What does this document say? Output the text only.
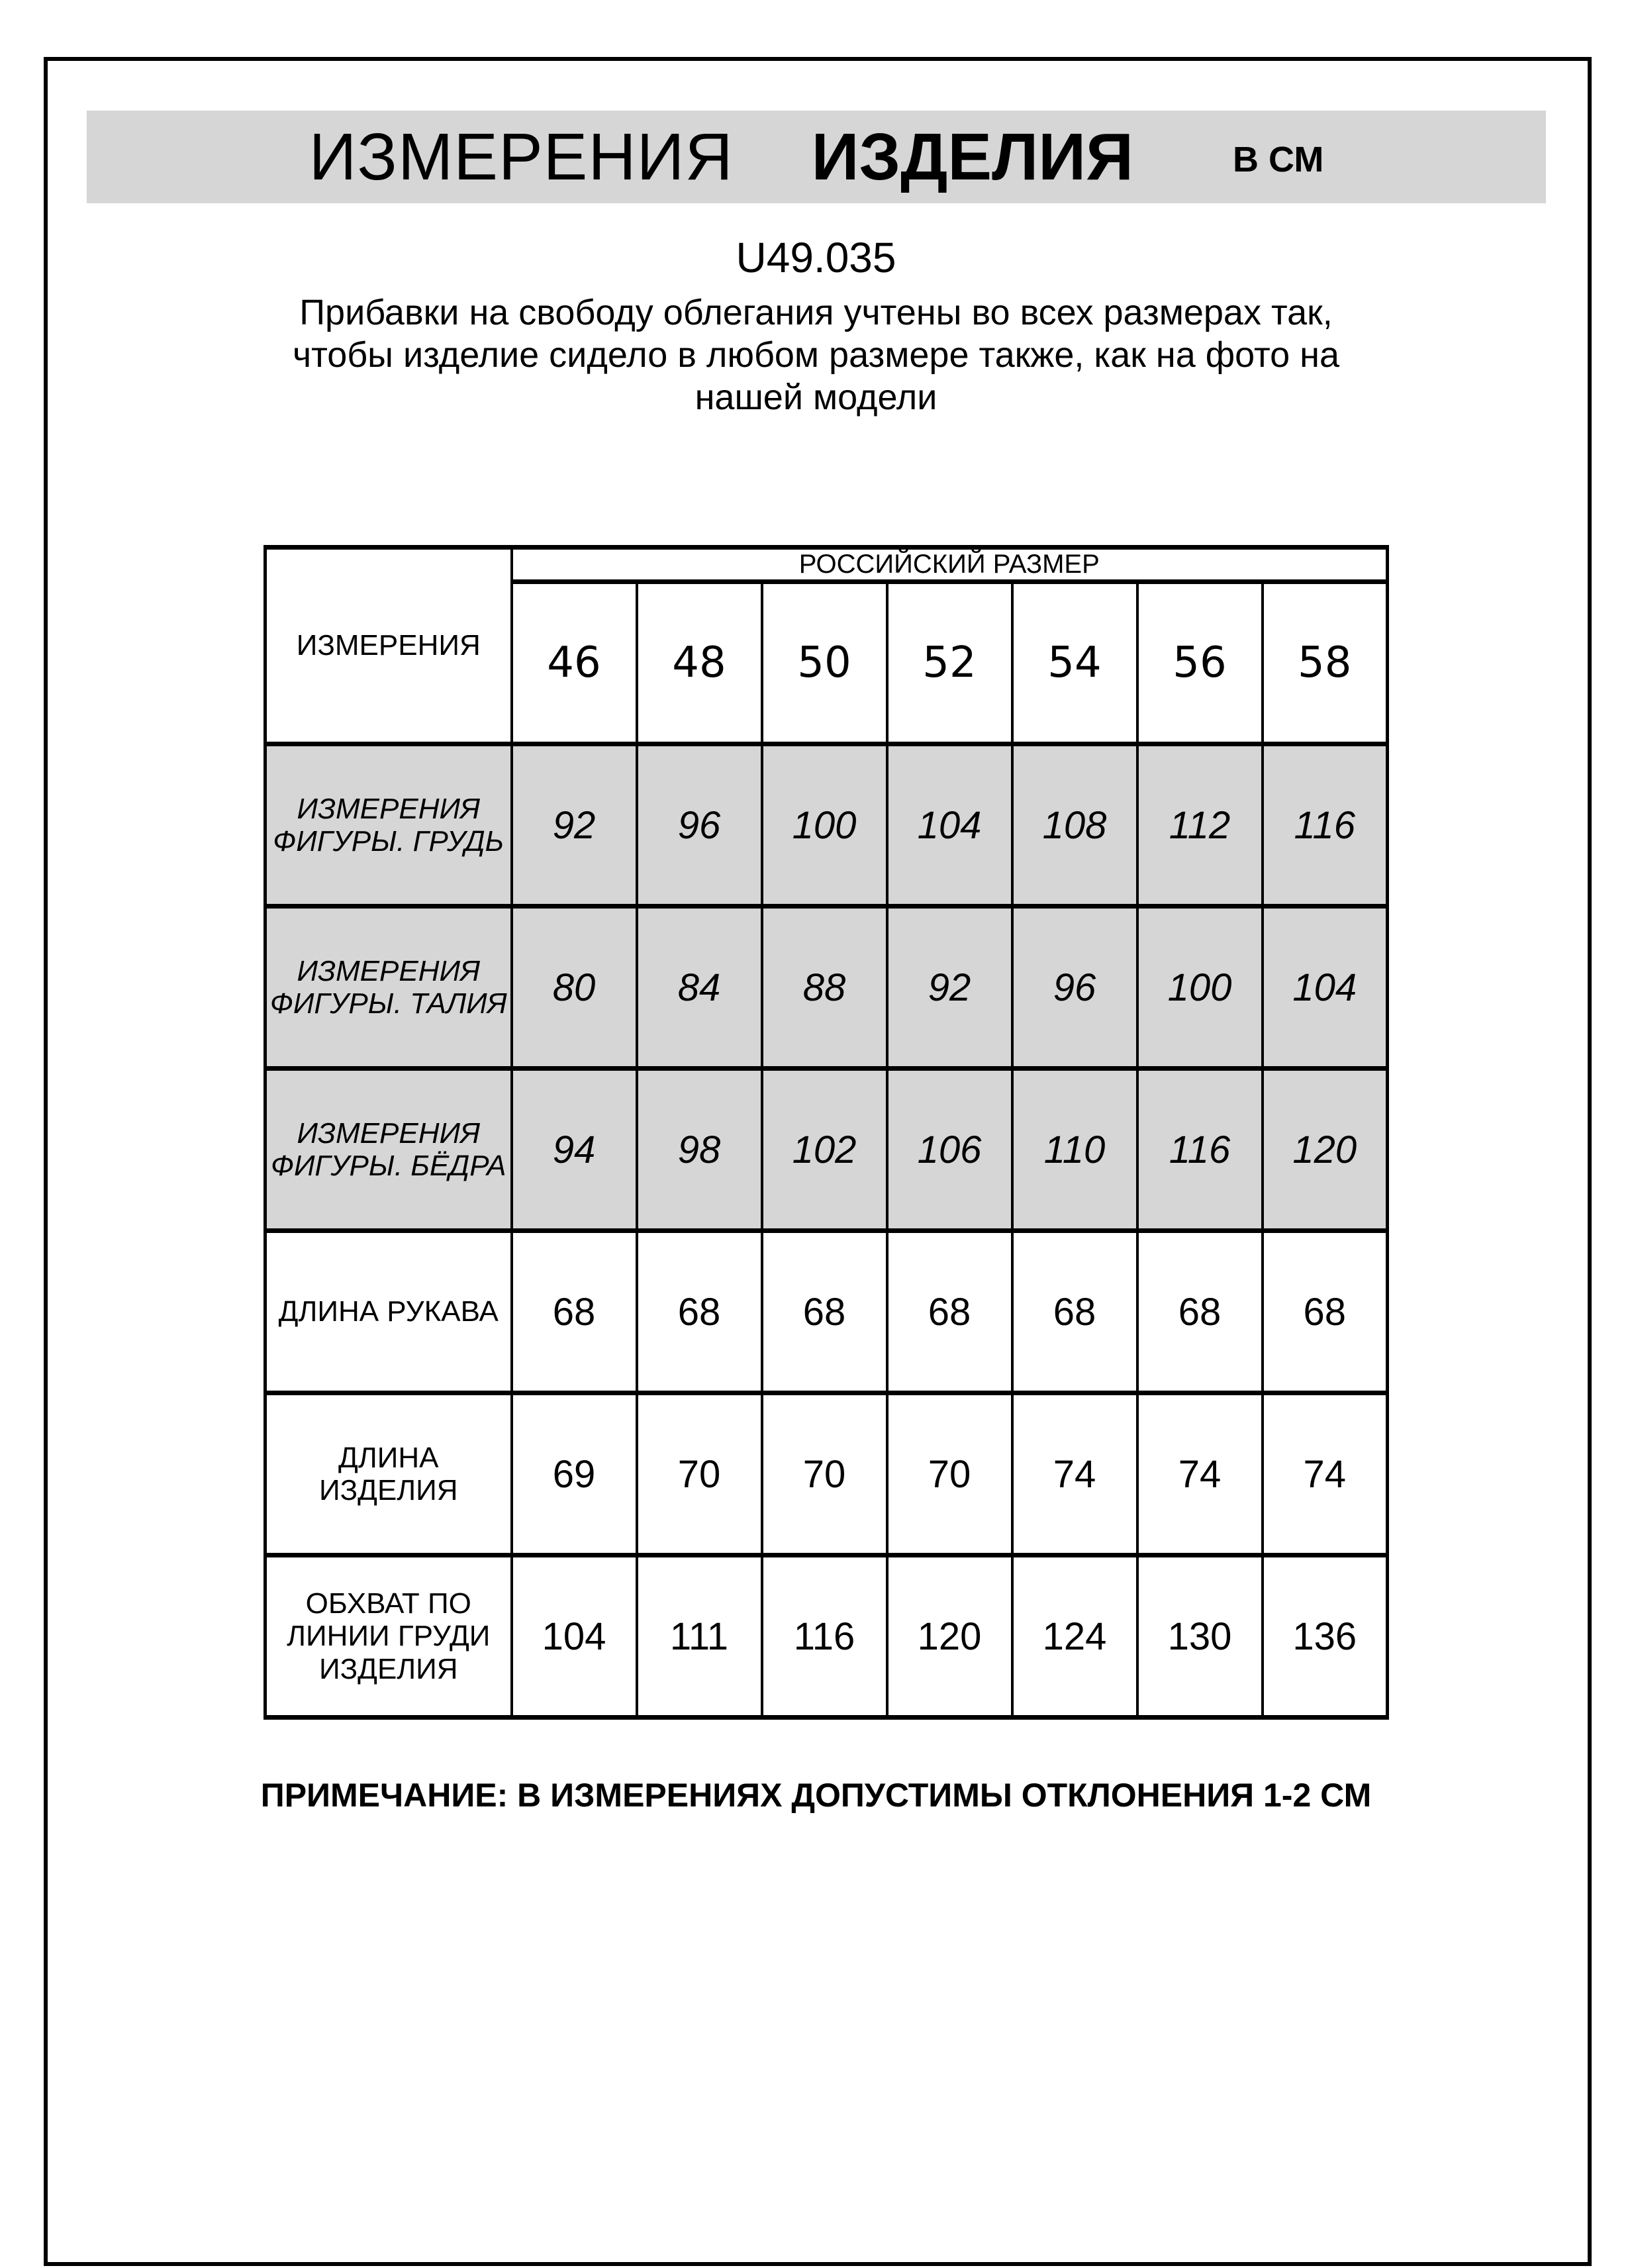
ИЗМЕРЕНИЯ ИЗДЕЛИЯ	В СМ
U49.035
Прибавки на свободу облегания учтены во всех размерах так,
чтобы изделие сидело в любом размере также, как на фото на
нашей модели
ИЗМЕРЕНИЯ	РОССИЙСКИЙ РАЗМЕР						
	46	48	50	52	54	56	58

ИЗМЕРЕНИЯ
ФИГУРЫ. ГРУДЬ	92	96	100	104	108	112	116

ИЗМЕРЕНИЯ
ФИГУРЫ. ТАЛИЯ	80	84	88	92	96	100	104

ИЗМЕРЕНИЯ
ФИГУРЫ. БЁДРА	94	98	102	106	110	116	120

ДЛИНА РУКАВА	68	68	68	68	68	68	68

ДЛИНА ИЗДЕЛИЯ	69	70	70	70	74	74	74

ОБХВАТ ПО
ЛИНИИ ГРУДИ
ИЗДЕЛИЯ	104	111	116	120	124	130	136
ПРИМЕЧАНИЕ: В ИЗМЕРЕНИЯХ ДОПУСТИМЫ ОТКЛОНЕНИЯ 1-2 СМ
